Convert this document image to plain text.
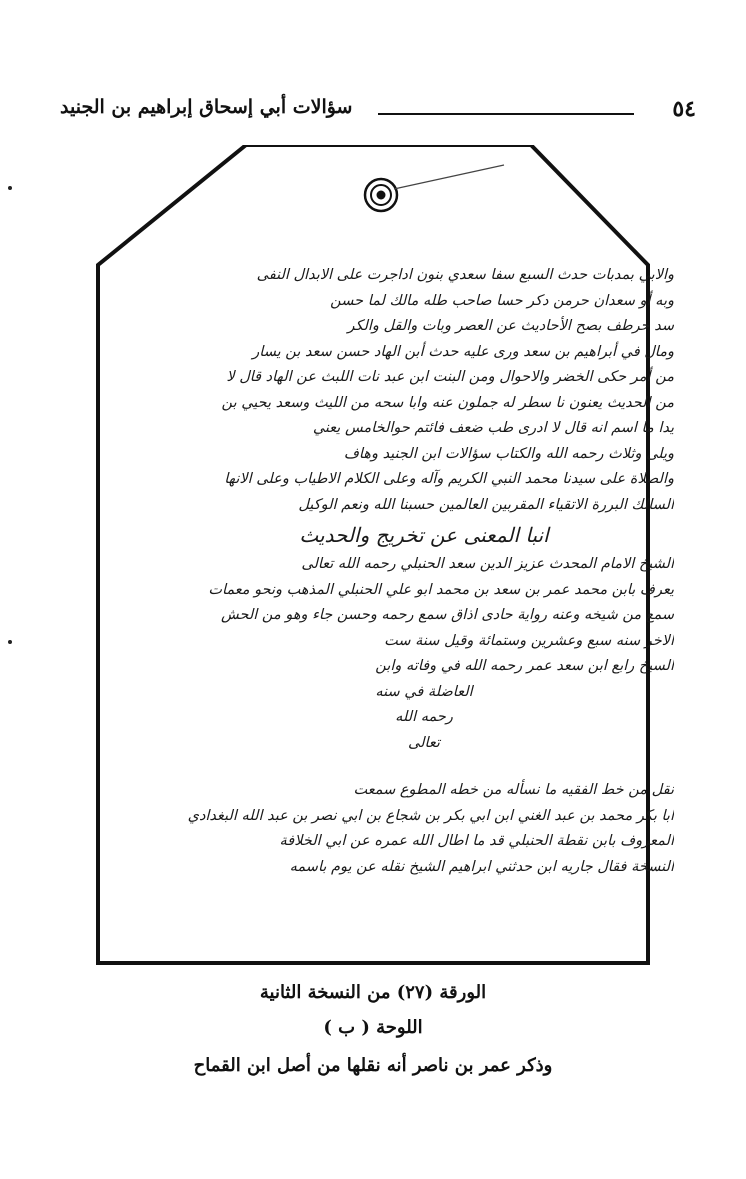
٥٤
سؤالات أبي إسحاق إبراهيم بن الجنيد
والابي بمدبات حدث السبع سفا سعدي بنون اداجرت على الابدال النفى
وبه أو سعدان حرمن دكر حسا صاحب طله مالك لما حسن
سد حرطف بصح الأحاديث عن العصر وبات والقل والكر
ومال في أبراهيم بن سعد ورى عليه حدث أبن الهاد حسن سعد بن يسار
من أمر حكى الخضر والاحوال ومن البنت ابن عبد نات اللبث عن الهاد قال لا
من الحديث يعنون نا سطر له جملون عنه وابا سحه من الليث وسعد يحيي بن
يدا ما اسم انه قال لا ادرى طب ضعف فائتم حوالخامس يعني
ويلى وثلاث رحمه الله والكتاب سؤالات ابن الجنيد وهاف
والصلاة على سيدنا محمد النبي الكريم وآله وعلى الكلام الاطياب وعلى الانها
السالك البررة الاتقياء المقربين العالمين حسبنا الله ونعم الوكيل
انبا المعنى عن تخريج والحديث
الشيخ الامام المحدث عزيز الدين سعد الحنبلي رحمه الله تعالى
يعرف بابن محمد عمر بن سعد بن محمد ابو علي الحنبلي المذهب ونحو معمات
سمع من شيخه وعنه رواية حادى اذاق سمع رحمه وحسن جاء وهو من الحش
الاخر سنه سبع وعشرين وستمائة وقيل سنة ست
السيخ رابع ابن سعد عمر رحمه الله في وفاته وابن
العاضلة في سنه
رحمه الله
تعالى
نقل من خط الفقيه ما نسأله من خطه المطوع سمعت
ابا بكر محمد بن عبد الغني ابن ابي بكر بن شجاع بن ابي نصر بن عبد الله البغدادي
المعروف بابن نقطة الحنبلي قد ما اطال الله عمره عن ابي الخلافة
النسخة فقال جاريه ابن حدثني ابراهيم الشيخ نقله عن يوم باسمه
الورقة (٢٧) من النسخة الثانية
اللوحة ( ب )
وذكر عمر بن ناصر أنه نقلها من أصل ابن القماح
